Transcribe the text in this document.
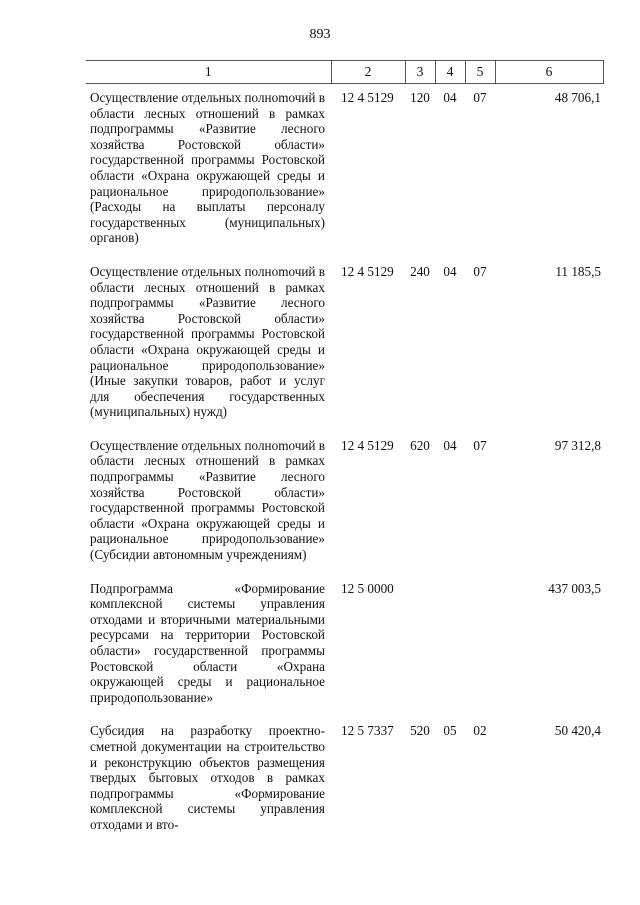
893
1	2	3	4	5	6
Осуществление отдельных полноmочий в области лесных отношений в рамках подпрограммы «Развитие лесного хозяйства Ростовской области» государственной программы Ростовской области «Охрана окружающей среды и рациональное природопользование» (Расходы на выплаты персоналу государственных (муниципальных) органов)	12 4 5129	120	04	07	48 706,1
Осуществление отдельных полноmочий в области лесных отношений в рамках подпрограммы «Развитие лесного хозяйства Ростовской области» государственной программы Ростовской области «Охрана окружающей среды и рациональное природопользование» (Иные закупки товаров, работ и услуг для обеспечения государственных (муниципальных) нужд)	12 4 5129	240	04	07	11 185,5
Осуществление отдельных полноmочий в области лесных отношений в рамках подпрограммы «Развитие лесного хозяйства Ростовской области» государственной программы Ростовской области «Охрана окружающей среды и рациональное природопользование» (Субсидии автономным учреждениям)	12 4 5129	620	04	07	97 312,8
Подпрограмма «Формирование комплексной системы управления отходами и вторичными материальными ресурсами на территории Ростовской области» государственной программы Ростовской области «Охрана окружающей среды и рациональное природопользование»	12 5 0000				437 003,5
Субсидия на разработку проектно-сметной документации на строительство и реконструкцию объектов размещения твердых бытовых отходов в рамках подпрограммы «Формирование комплексной системы управления отходами и вто-	12 5 7337	520	05	02	50 420,4
